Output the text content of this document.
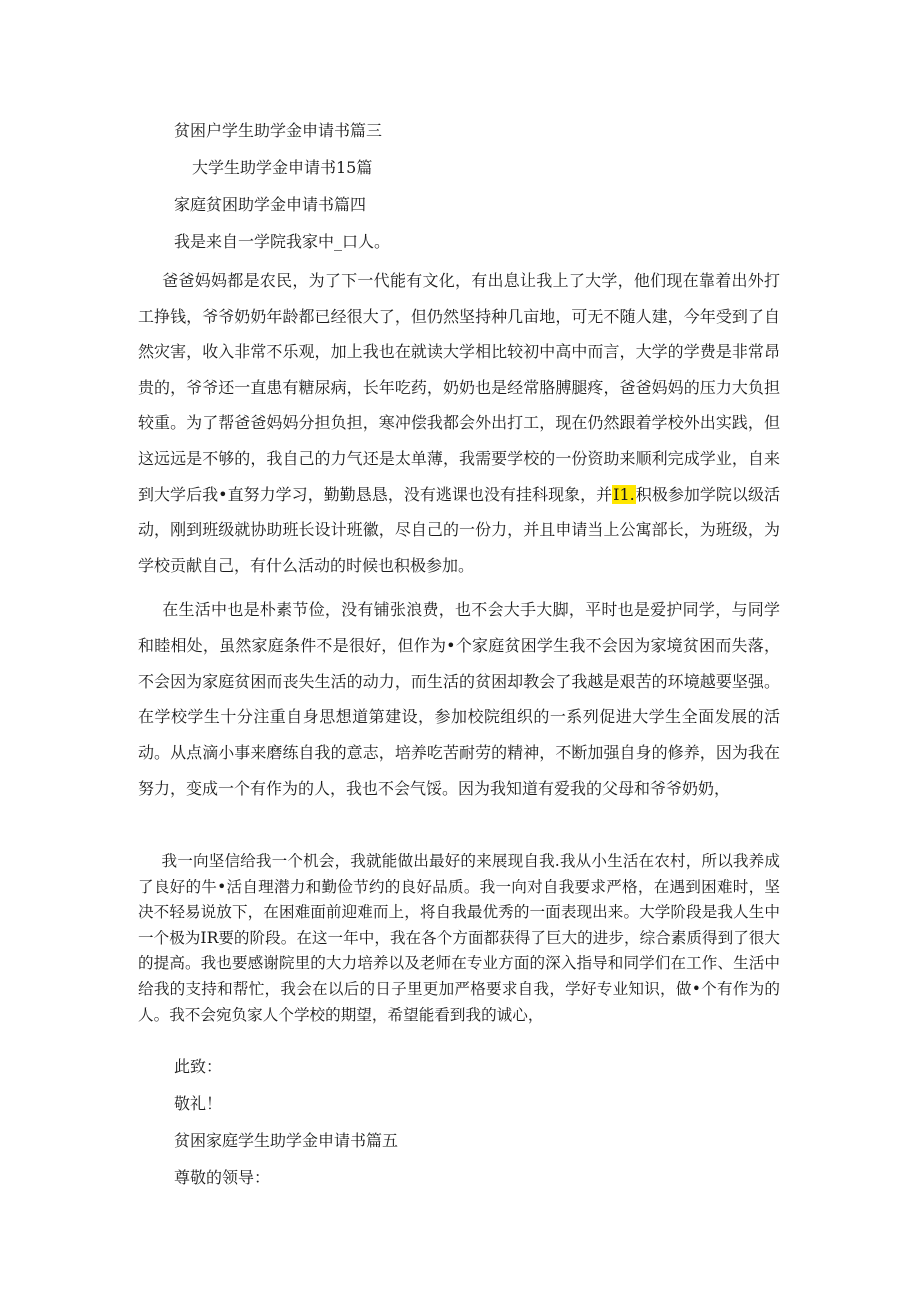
贫困户学生助学金申请书篇三
大学生助学金申请书15篇
家庭贫困助学金申请书篇四
我是来自一学院我家中_口人。

  爸爸妈妈都是农民，为了下一代能有文化，有出息让我上了大学，他们现在靠着出外打工挣钱，爷爷奶奶年龄都已经很大了，但仍然坚持种几亩地，可无不随人建，今年受到了自然灾害，收入非常不乐观，加上我也在就读大学相比较初中高中而言，大学的学费是非常昂贵的，爷爷还一直患有糖尿病，长年吃药，奶奶也是经常胳膊腿疼，爸爸妈妈的压力大负担较重。为了帮爸爸妈妈分担负担，寒冲偿我都会外出打工，现在仍然跟着学校外出实践，但这远远是不够的，我自己的力气还是太单薄，我需要学校的一份资助来顺利完成学业，自来到大学后我•直努力学习，勤勤恳恳，没有逃课也没有挂科现象，并I1.积极参加学院以级活动，刚到班级就协助班长设计班徽，尽自己的一份力，并且申请当上公寓部长，为班级，为学校贡献自己，有什么活动的时候也积极参加。

  在生活中也是朴素节俭，没有铺张浪费，也不会大手大脚，平时也是爱护同学，与同学和睦相处，虽然家庭条件不是很好，但作为•个家庭贫困学生我不会因为家境贫困而失落，不会因为家庭贫困而丧失生活的动力，而生活的贫困却教会了我越是艰苦的环境越要坚强。在学校学生十分注重自身思想道第建设，参加校院组织的一系列促进大学生全面发展的活动。从点滴小事来磨练自我的意志，培养吃苦耐劳的精神，不断加强自身的修养，因为我在努力，变成一个有作为的人，我也不会气馁。因为我知道有爱我的父母和爷爷奶奶，

  我一向坚信给我一个机会，我就能做出最好的来展现自我.我从小生活在农村，所以我养成了良好的牛•活自理潜力和勤俭节约的良好品质。我一向对自我要求严格，在遇到困难时，坚决不轻易说放下，在困难面前迎难而上，将自我最优秀的一面表现出来。大学阶段是我人生中一个极为IR要的阶段。在这一年中，我在各个方面都获得了巨大的进步，综合素质得到了很大的提高。我也要感谢院里的大力培养以及老师在专业方面的深入指导和同学们在工作、生活中给我的支持和帮忙，我会在以后的日子里更加严格要求自我，学好专业知识，做•个有作为的人。我不会宛负家人个学校的期望，希望能看到我的诚心，

此致：
敬礼！
贫困家庭学生助学金申请书篇五
尊敬的领导：
